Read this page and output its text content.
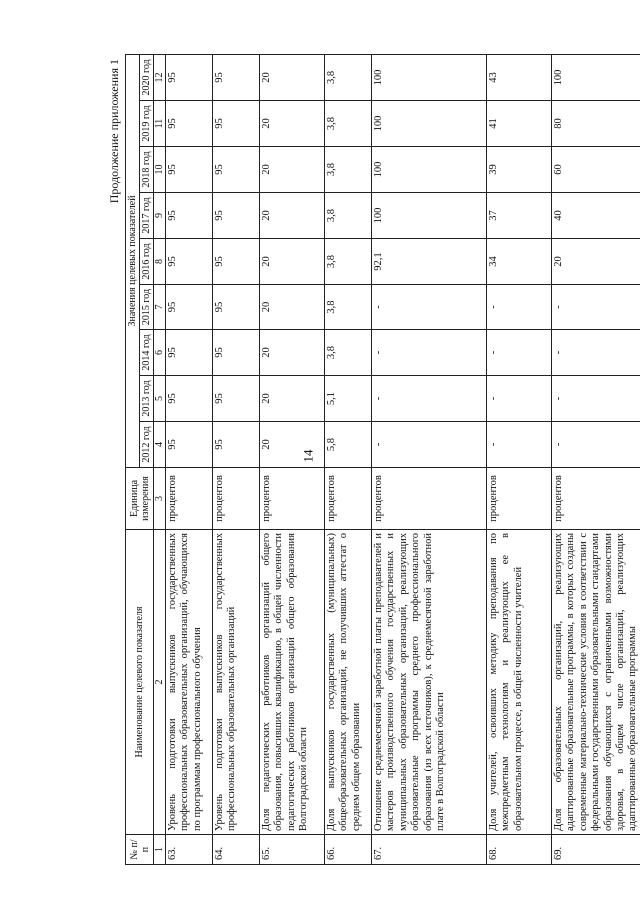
14
Продолжение приложения 1
№ п/п	Наименование целевого показателя	Единица измерения	Значения целевых показателей								
			2012 год	2013 год	2014 год	2015 год	2016 год	2017 год	2018 год	2019 год	2020 год
1	2	3	4	5	6	7	8	9	10	11	12
63.	Уровень подготовки выпускников государственных профессиональных образовательных организаций, обучающихся по программам профессионального обучения	процентов	95	95	95	95	95	95	95	95	95
64.	Уровень подготовки выпускников государственных профессиональных образовательных организаций	процентов	95	95	95	95	95	95	95	95	95
65.	Доля педагогических работников организаций общего образования, повысивших квалификацию, в общей численности педагогических работников организаций общего образования Волгоградской области	процентов	20	20	20	20	20	20	20	20	20
66.	Доля выпускников государственных (муниципальных) общеобразовательных организаций, не получивших аттестат о среднем общем образовании	процентов	5,8	5,1	3,8	3,8	3,8	3,8	3,8	3,8	3,8
67.	Отношение среднемесячной заработной платы преподавателей и мастеров производственного обучения государственных и муниципальных образовательных организаций, реализующих образовательные программы среднего профессионального образования (из всех источников), к среднемесячной заработной плате в Волгоградской области	процентов	-	-	-	-	92,1	100	100	100	100
68.	Доля учителей, освоивших методику преподавания по межпредметным технологиям и реализующих ее в образовательном процессе, в общей численности учителей	процентов	-	-	-	-	34	37	39	41	43
69.	Доля образовательных организаций, реализующих адаптированные образовательные программы, в которых созданы современные материально-технические условия в соответствии с федеральными государственными образовательными стандартами образования обучающихся с ограниченными возможностями здоровья, в общем числе организаций, реализующих адаптированные образовательные программы	процентов	-	-	-	-	20	40	60	80	100
